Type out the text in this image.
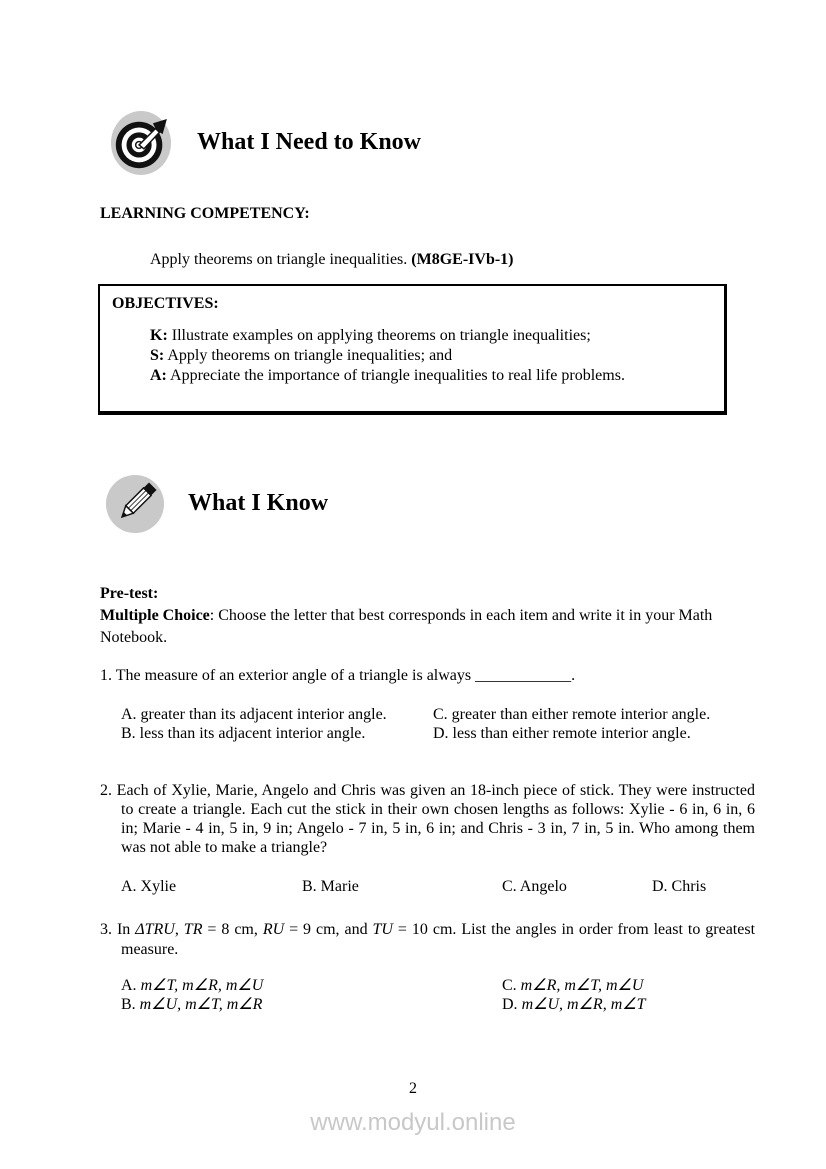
What I Need to Know
LEARNING COMPETENCY:
Apply theorems on triangle inequalities. (M8GE-IVb-1)
OBJECTIVES:
K: Illustrate examples on applying theorems on triangle inequalities;
S: Apply theorems on triangle inequalities; and
A: Appreciate the importance of triangle inequalities to real life problems.
What I Know
Pre-test:
Multiple Choice: Choose the letter that best corresponds in each item and write it in your Math Notebook.
1. The measure of an exterior angle of a triangle is always ____________.
A. greater than its adjacent interior angle.	C. greater than either remote interior angle.
B. less than its adjacent interior angle.	D. less than either remote interior angle.
2. Each of Xylie, Marie, Angelo and Chris was given an 18-inch piece of stick. They were instructed to create a triangle. Each cut the stick in their own chosen lengths as follows: Xylie - 6 in, 6 in, 6 in; Marie - 4 in, 5 in, 9 in; Angelo - 7 in, 5 in, 6 in; and Chris - 3 in, 7 in, 5 in. Who among them was not able to make a triangle?
A. Xylie	B. Marie	C. Angelo	D. Chris
3. In ΔTRU, TR = 8 cm, RU = 9 cm, and TU = 10 cm. List the angles in order from least to greatest measure.
A. m∠T, m∠R, m∠U	C. m∠R, m∠T, m∠U
B. m∠U, m∠T, m∠R	D. m∠U, m∠R, m∠T
2
www.modyul.online
